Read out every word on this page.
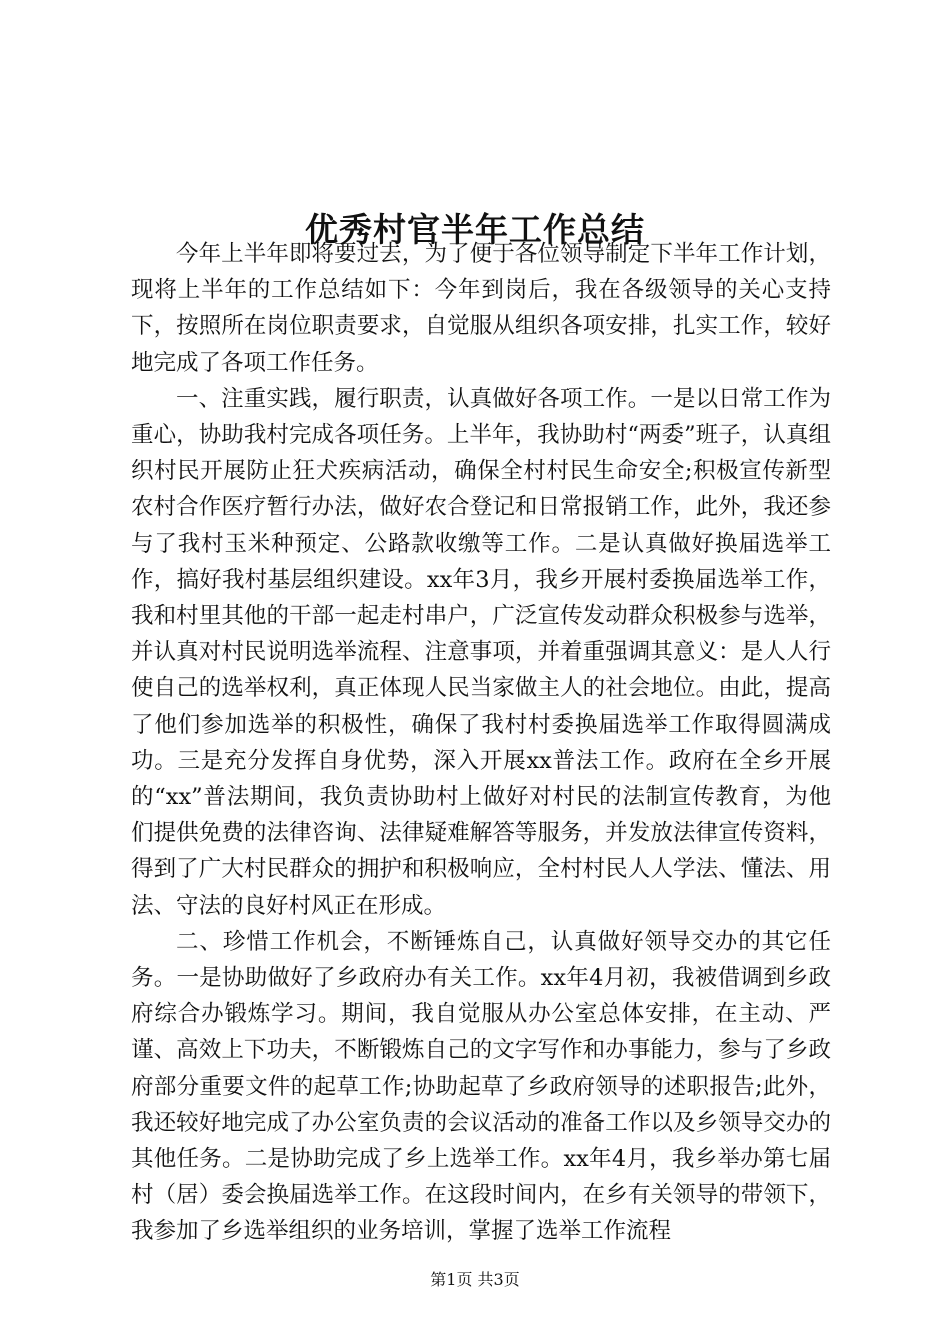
优秀村官半年工作总结

今年上半年即将要过去，为了便于各位领导制定下半年工作计划，现将上半年的工作总结如下：今年到岗后，我在各级领导的关心支持下，按照所在岗位职责要求，自觉服从组织各项安排，扎实工作，较好地完成了各项工作任务。

一、注重实践，履行职责，认真做好各项工作。一是以日常工作为重心，协助我村完成各项任务。上半年，我协助村“两委”班子，认真组织村民开展防止狂犬疾病活动，确保全村村民生命安全;积极宣传新型农村合作医疗暂行办法，做好农合登记和日常报销工作，此外，我还参与了我村玉米种预定、公路款收缴等工作。二是认真做好换届选举工作，搞好我村基层组织建设。xx年3月，我乡开展村委换届选举工作，我和村里其他的干部一起走村串户，广泛宣传发动群众积极参与选举，并认真对村民说明选举流程、注意事项，并着重强调其意义：是人人行使自己的选举权利，真正体现人民当家做主人的社会地位。由此，提高了他们参加选举的积极性，确保了我村村委换届选举工作取得圆满成功。三是充分发挥自身优势，深入开展xx普法工作。政府在全乡开展的“xx”普法期间，我负责协助村上做好对村民的法制宣传教育，为他们提供免费的法律咨询、法律疑难解答等服务，并发放法律宣传资料，得到了广大村民群众的拥护和积极响应，全村村民人人学法、懂法、用法、守法的良好村风正在形成。

二、珍惜工作机会，不断锤炼自己，认真做好领导交办的其它任务。一是协助做好了乡政府办有关工作。xx年4月初，我被借调到乡政府综合办锻炼学习。期间，我自觉服从办公室总体安排，在主动、严谨、高效上下功夫，不断锻炼自己的文字写作和办事能力，参与了乡政府部分重要文件的起草工作;协助起草了乡政府领导的述职报告;此外，我还较好地完成了办公室负责的会议活动的准备工作以及乡领导交办的其他任务。二是协助完成了乡上选举工作。xx年4月，我乡举办第七届村（居）委会换届选举工作。在这段时间内，在乡有关领导的带领下，我参加了乡选举组织的业务培训，掌握了选举工作流程

第1页 共3页
